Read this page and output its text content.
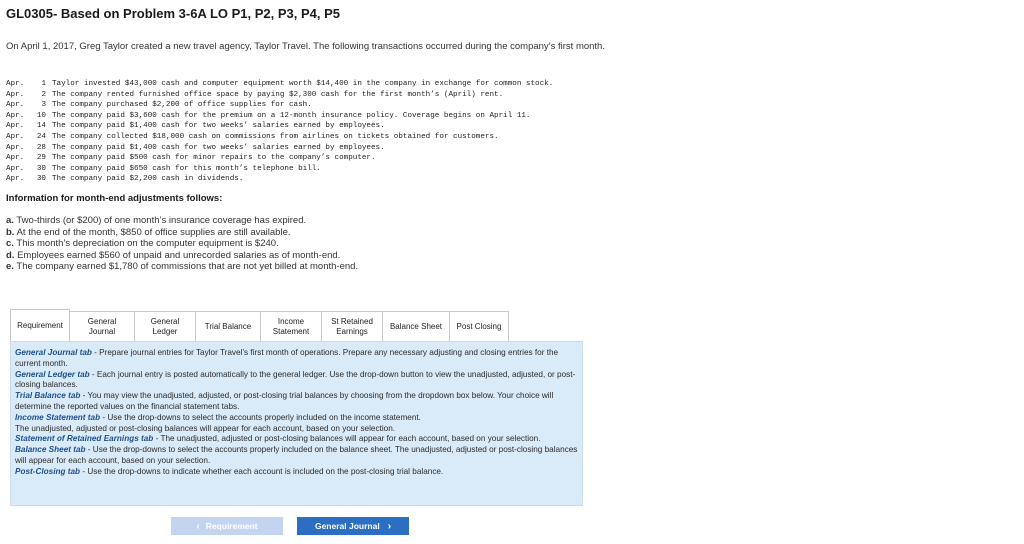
GL0305- Based on Problem 3-6A LO P1, P2, P3, P4, P5
On April 1, 2017, Greg Taylor created a new travel agency, Taylor Travel. The following transactions occurred during the company’s first month.
Apr. 1 Taylor invested $43,000 cash and computer equipment worth $14,400 in the company in exchange for common stock.
Apr. 2 The company rented furnished office space by paying $2,300 cash for the first month’s (April) rent.
Apr. 3 The company purchased $2,200 of office supplies for cash.
Apr. 10 The company paid $3,600 cash for the premium on a 12-month insurance policy. Coverage begins on April 11.
Apr. 14 The company paid $1,400 cash for two weeks’ salaries earned by employees.
Apr. 24 The company collected $18,000 cash on commissions from airlines on tickets obtained for customers.
Apr. 28 The company paid $1,400 cash for two weeks’ salaries earned by employees.
Apr. 29 The company paid $500 cash for minor repairs to the company’s computer.
Apr. 30 The company paid $650 cash for this month’s telephone bill.
Apr. 30 The company paid $2,200 cash in dividends.
Information for month-end adjustments follows:
a. Two-thirds (or $200) of one month’s insurance coverage has expired.
b. At the end of the month, $850 of office supplies are still available.
c. This month’s depreciation on the computer equipment is $240.
d. Employees earned $560 of unpaid and unrecorded salaries as of month-end.
e. The company earned $1,780 of commissions that are not yet billed at month-end.
Requirement	General
Journal
General
Ledger
Trial Balance
Income
Statement
St Retained
Earnings
Balance Sheet Post Closing

General Journal tab - Prepare journal entries for Taylor Travel’s first month of operations. Prepare any necessary adjusting and closing entries for the current month.

General Ledger tab - Each journal entry is posted automatically to the general ledger. Use the drop-down button to view the unadjusted, adjusted, or post-closing balances.

Trial Balance tab - You may view the unadjusted, adjusted, or post-closing trial balances by choosing from the dropdown box below. Your choice will determine the reported values on the financial statement tabs.

Income Statement tab - Use the drop-downs to select the accounts properly included on the income statement.

The unadjusted, adjusted or post-closing balances will appear for each account, based on your selection.

Statement of Retained Earnings tab - The unadjusted, adjusted or post-closing balances will appear for each account, based on your selection.

Balance Sheet tab - Use the drop-downs to select the accounts properly included on the balance sheet. The unadjusted, adjusted or post-closing balances will appear for each account, based on your selection.

Post-Closing tab - Use the drop-downs to indicate whether each account is included on the post-closing trial balance.

‹ Requirement	General Journal ›
